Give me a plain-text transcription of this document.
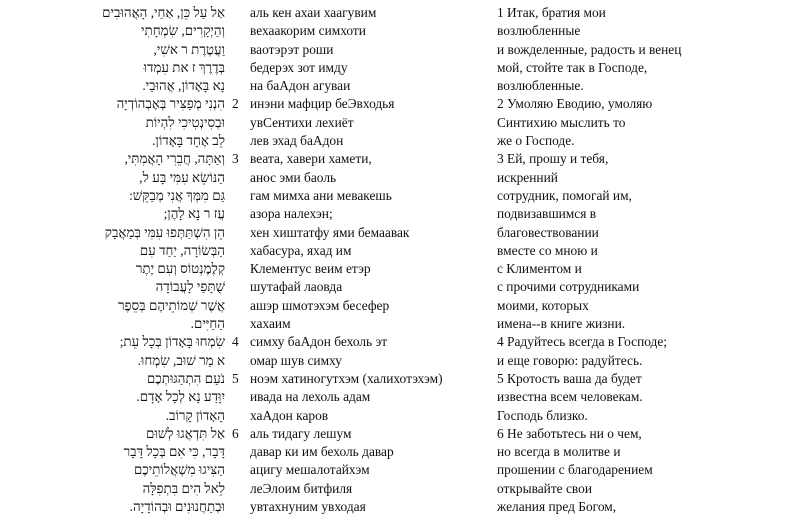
אַל עַל כֵּן, אַחַי, הָאֲהוּבִים аль кен ахаи хаагувим	1 Итак, братия мои
וְהַיְקָרִים, שִׂמְחָתִי вехаакорим симхоти	возлюбленные
וַעֲטֶרֶת ר אשִׁי, ваотэрэт роши	и вожделенные, радость и венец
בְּדֶרֶךְ ז את עִמְדוּ бедерэх зот имду	мой, стойте так в Господе,
נָא בָּאָדוֹן, אֲהוּבַי. на баАдон агуваи	возлюбленные.
הִנְנִי מְפַצִּיר בְּאֶבְהוֹדְיָה 2 инэни мафцир беЭвходья	2 Умоляю Еводию, умоляю
וּבְסִינְטִיכִי לִהְיוֹת увСентихи лехиёт	Синтихию мыслить то
לֵב אֶחָד בָּאָדוֹן. лев эхад баАдон	же о Господе.
וְאַתָּה, חֲבֵרִי הָאֲמִתִּי, 3 веата, хавери хамети,	3 Ей, прошу и тебя,
הַנּוֹשֵׂא עִמִּי בָּע ל, анос эми баоль	искренний
גַּם מִמְּךָ אֲנִי מְבַקֵּשׁ: гам мимха ани мевакешь	сотрудник, помогай им,
עֲז ר נָא לָהֶן; азора налехэн;	подвизавшимся в
הֵן הִשְׁתַּתְּפוּ עִמִּי בְּמַאֲבָק хен хиштатфу ями бемаавак	благовествовании
הַבְּשׂוֹרָה, יַחַד עִם хабасура, яхад им	вместе со мною и
קְלֶמֶנְטוֹס וְעִם יֶתֶר Клементус веим етэр	с Климентом и
שֻׁתָּפַי לָעֲבוֹדָה шутафай лаовда	с прочими сотрудниками
אֲשֶׁר שְׁמוֹתֵיהֶם בְּסֵפֶר ашэр шмотэхэм бесефер	моими, которых
הַחַיִּים. хахаим	имена--в книге жизни.
שִׂמְחוּ בָּאָדוֹן בְּכָל עֵת; 4 симху баАдон бехоль эт	4 Радуйтесь всегда в Господе;
א מַר שׁוּב, שִׂמְחוּ. омар шув симху	и еще говорю: радуйтесь.
נֹעַם הִתְהַגּוּתְכֶם 5 ноэм хатиногутхэм (халихотэхэм)	5 Кротость ваша да будет
יִוָּדַע נָא לְכָל אָדָם. ивада на лехоль адам	известна всем человекам.
הָאָדוֹן קָרוֹב. хаАдон каров	Господь близко.
אַל תִּדְאֲגוּ לְשׁוּם 6 аль тидагу лешум	6 Не заботьтесь ни о чем,
דָּבָר, כִּי אִם בְּכָל דָּבָר давар ки им бехоль давар	но всегда в молитве и
הַצִּיגוּ מִשְׁאֲלוֹתֵיכֶם ацигу мешалотайхэм	прошении с благодарением
לֵאל הִים בִּתְפִלָּה леЭлоим битфиля	открывайте свои
וּבְתַחֲנוּנִים וּבְהוֹדָיָה. увтахнуним увходая	желания пред Богом,
